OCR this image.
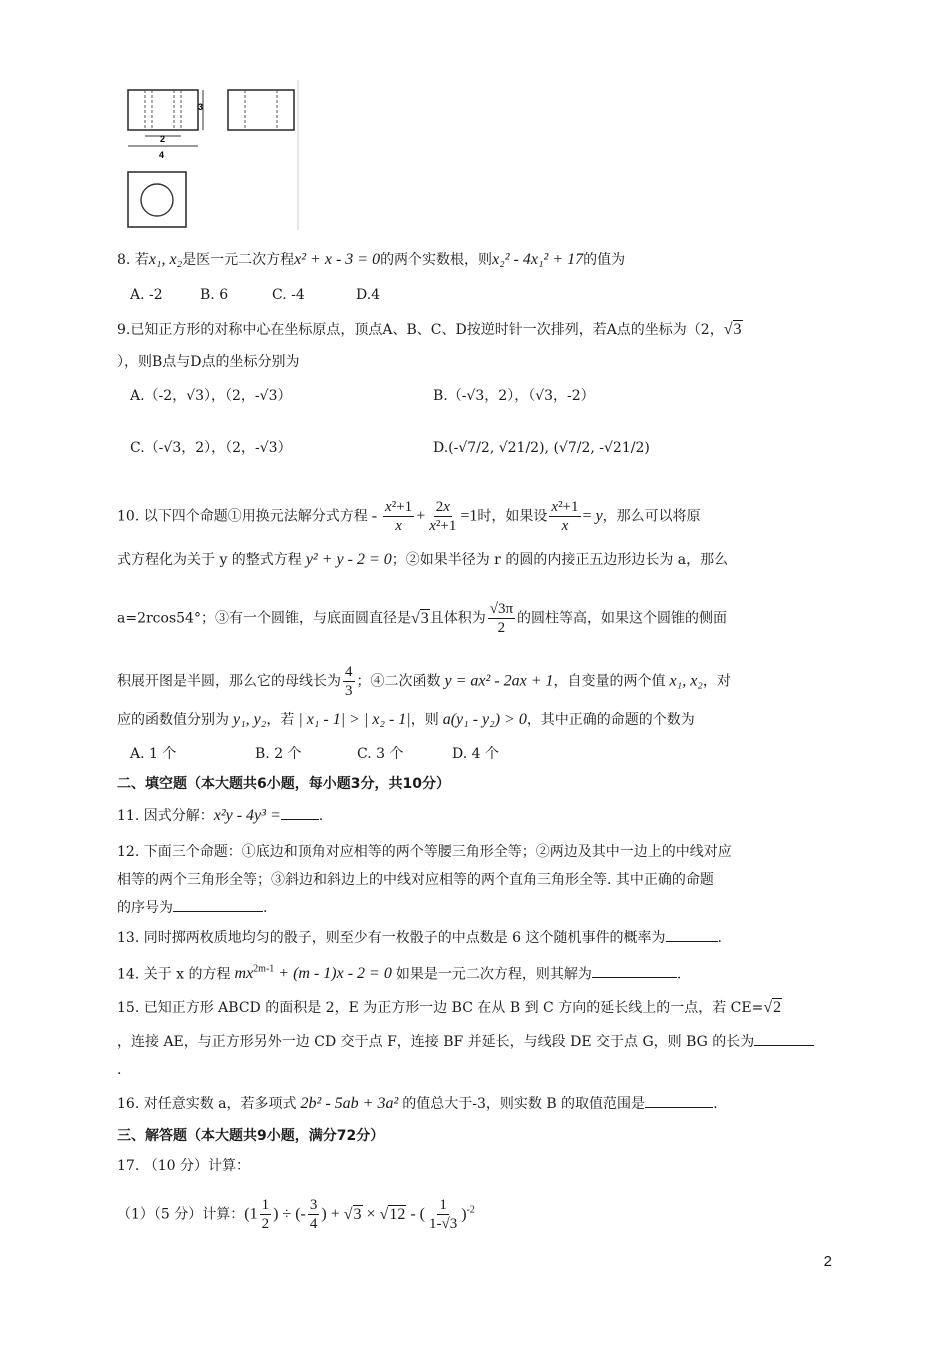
3
2
4
8. 若x₁, x₂是医一元二次方程x² + x - 3 = 0的两个实数根，则x₂² - 4x₁² + 17的值为
A. -2	B. 6	C. -4	D.4
9.已知正方形的对称中心在坐标原点，顶点A、B、C、D按逆时针一次排列，若A点的坐标为（2，√3
），则B点与D点的坐标分别为
A.（-2，√3），（2，-√3）	B.（-√3，2），（√3，-2）
C.（-√3，2），（2，-√3）	D.(-√7/2, √21/2), (√7/2, -√21/2)
10. 以下四个命题①用换元法解分式方程 - $\frac{\text{x²+1}}{x} + \frac{2x}{\text{x²+1}} =1$时，如果设 $\frac{\text{x²+1}}{x} = y$，那么可以将原
式方程化为关于 y 的整式方程 y² + y - 2 = 0；②如果半径为 r 的圆的内接正五边形边长为 a，那么
a=2rcos54°；③有一个圆锥，与底面圆直径是√3且体积为 $\frac{√3\pi}{2}$ 的圆柱等高，如果这个圆锥的侧面
积展开图是半圆，那么它的母线长为 $\frac{4}{3}$ ；④二次函数 y = ax² - 2ax + 1，自变量的两个值 x₁, x₂，对
应的函数值分别为 y₁, y₂，若 | x₁ - 1| > | x₂ - 1|，则 a(y₁ - y₂) > 0，其中正确的命题的个数为
A. 1 个	B. 2 个	C. 3 个	D. 4 个
二、填空题（本大题共6小题，每小题3分，共10分）
11. 因式分解：x²y - 4y³ =	.
12. 下面三个命题：①底边和顶角对应相等的两个等腰三角形全等；②两边及其中一边上的中线对应
相等的两个三角形全等；③斜边和斜边上的中线对应相等的两个直角三角形全等. 其中正确的命题
的序号为	.
13. 同时掷两枚质地均匀的骰子，则至少有一枚骰子的中点数是 6 这个随机事件的概率为	.
14. 关于 x 的方程 $mx^{2m-1} + (m - 1)x - 2 = 0$ 如果是一元二次方程，则其解为	.
15. 已知正方形 ABCD 的面积是 2，E 为正方形一边 BC 在从 B 到 C 方向的延长线上的一点，若 CE=√2
，连接 AE，与正方形另外一边 CD 交于点 F，连接 BF 并延长，与线段 DE 交于点 G，则 BG 的长为
.
16. 对任意实数 a，若多项式 2b² - 5ab + 3a² 的值总大于-3，则实数 B 的取值范围是	.
三、解答题（本大题共9小题，满分72分）
17. （10 分）计算：
（1）（5 分）计算：($1 \frac{1}{2}$ ) ÷ (- $\frac{3}{4}$ ) + √3 × √12 - ( $\frac{1}{1-√3} )^{-2}$
2
